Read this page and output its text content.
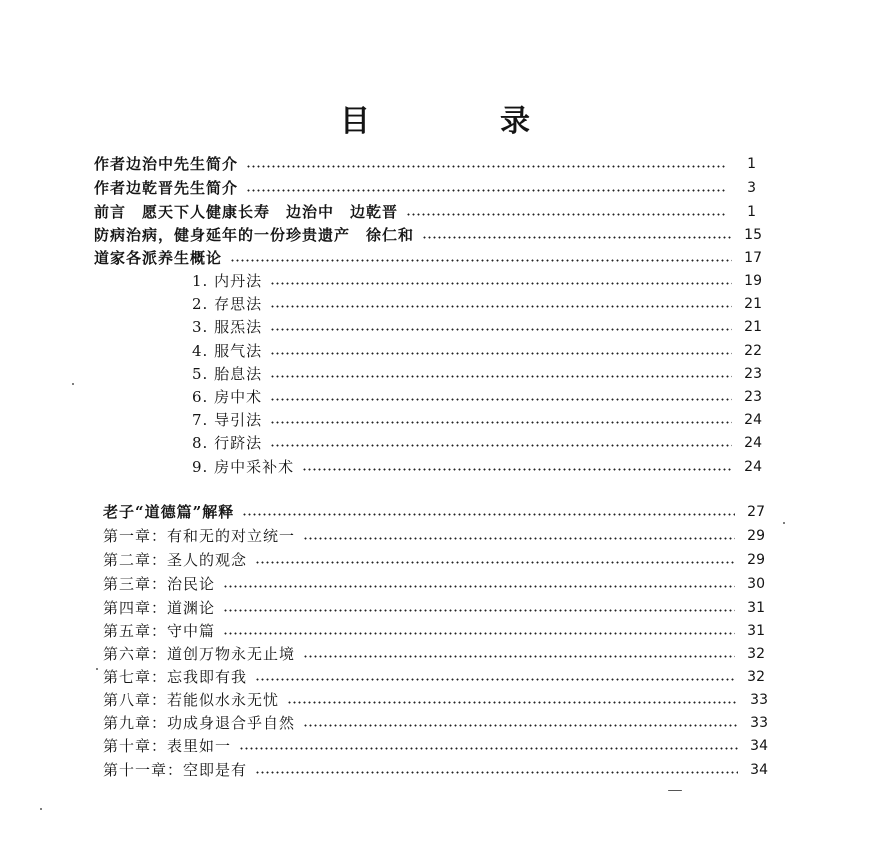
目　录
作者边治中先生简介	1
作者边乾晋先生简介	3
前言　愿天下人健康长寿　边治中　边乾晋	1
防病治病，健身延年的一份珍贵遗产　徐仁和	15
道家各派养生概论	17
1. 内丹法	19
2. 存思法	21
3. 服炁法	21
4. 服气法	22
5. 胎息法	23
6. 房中术	23
7. 导引法	24
8. 行跻法	24
9. 房中采补术	24
老子“道德篇”解释	27
第一章：有和无的对立统一	29
第二章：圣人的观念	29
第三章：治民论	30
第四章：道渊论	31
第五章：守中篇	31
第六章：道创万物永无止境	32
第七章：忘我即有我	32
第八章：若能似水永无忧	33
第九章：功成身退合乎自然	33
第十章：表里如一	34
第十一章：空即是有	34
